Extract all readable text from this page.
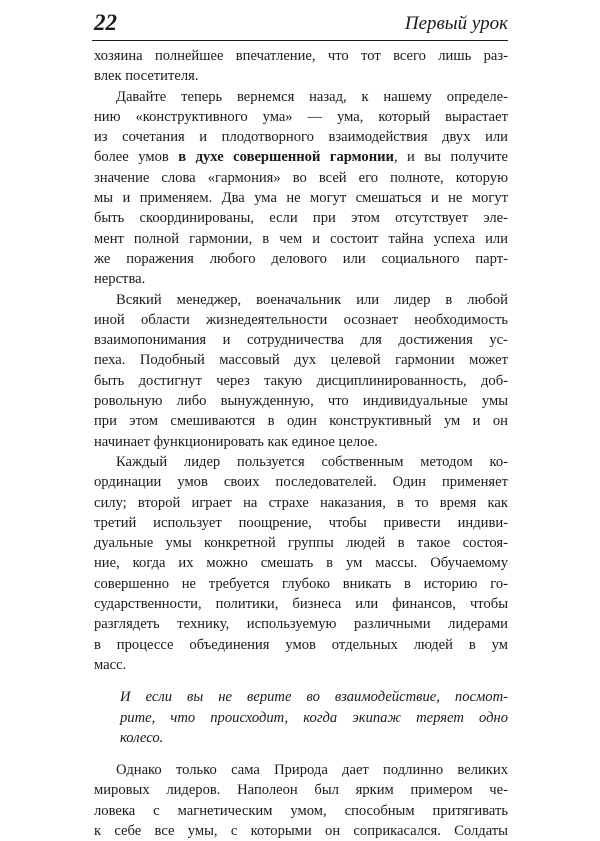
22	Первый урок

хозяина полнейшее впечатление, что тот всего лишь раз-
влек посетителя.

Давайте теперь вернемся назад, к нашему определе-
нию «конструктивного ума» — ума, который вырастает
из сочетания и плодотворного взаимодействия двух или
более умов в духе совершенной гармонии, и вы получите
значение слова «гармония» во всей его полноте, которую
мы и применяем. Два ума не могут смешаться и не могут
быть скоординированы, если при этом отсутствует эле-
мент полной гармонии, в чем и состоит тайна успеха или
же поражения любого делового или социального парт-
нерства.

Всякий менеджер, военачальник или лидер в любой
иной области жизнедеятельности осознает необходимость
взаимопонимания и сотрудничества для достижения ус-
пеха. Подобный массовый дух целевой гармонии может
быть достигнут через такую дисциплинированность, доб-
ровольную либо вынужденную, что индивидуальные умы
при этом смешиваются в один конструктивный ум и он
начинает функционировать как единое целое.

Каждый лидер пользуется собственным методом ко-
ординации умов своих последователей. Один применяет
силу; второй играет на страхе наказания, в то время как
третий использует поощрение, чтобы привести индиви-
дуальные умы конкретной группы людей в такое состоя-
ние, когда их можно смешать в ум массы. Обучаемому
совершенно не требуется глубоко вникать в историю го-
сударственности, политики, бизнеса или финансов, чтобы
разглядеть технику, используемую различными лидерами
в процессе объединения умов отдельных людей в ум
масс.

И если вы не верите во взаимодействие, посмот-
рите, что происходит, когда экипаж теряет одно
колесо.

Однако только сама Природа дает подлинно великих
мировых лидеров. Наполеон был ярким примером че-
ловека с магнетическим умом, способным притягивать
к себе все умы, с которыми он соприкасался. Солдаты
